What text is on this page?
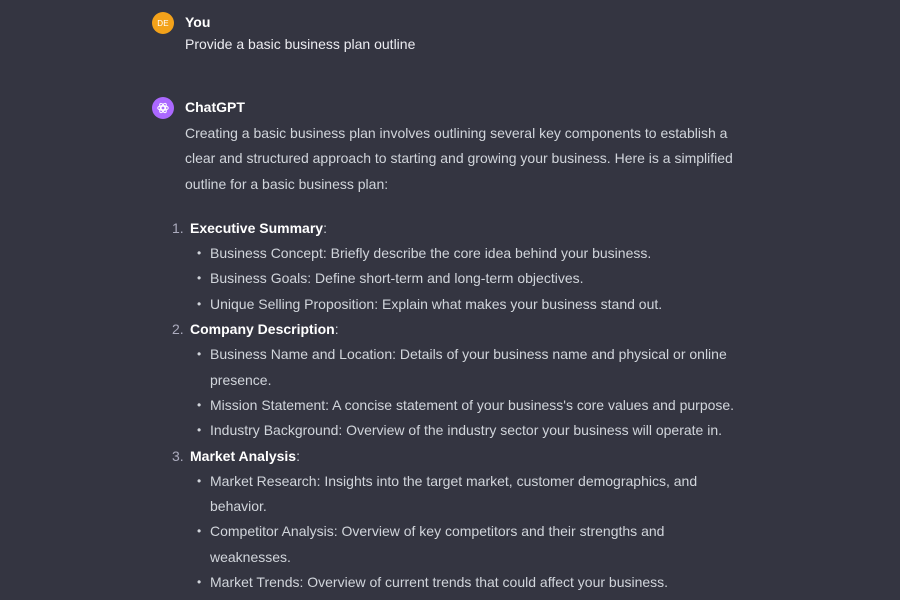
DE You
Provide a basic business plan outline
ChatGPT

Creating a basic business plan involves outlining several key components to establish a clear and structured approach to starting and growing your business. Here is a simplified outline for a basic business plan:

1. Executive Summary:
• Business Concept: Briefly describe the core idea behind your business.
• Business Goals: Define short-term and long-term objectives.
• Unique Selling Proposition: Explain what makes your business stand out.
2. Company Description:
• Business Name and Location: Details of your business name and physical or online presence.
• Mission Statement: A concise statement of your business's core values and purpose.
• Industry Background: Overview of the industry sector your business will operate in.
3. Market Analysis:
• Market Research: Insights into the target market, customer demographics, and behavior.
• Competitor Analysis: Overview of key competitors and their strengths and weaknesses.
• Market Trends: Overview of current trends that could affect your business.
